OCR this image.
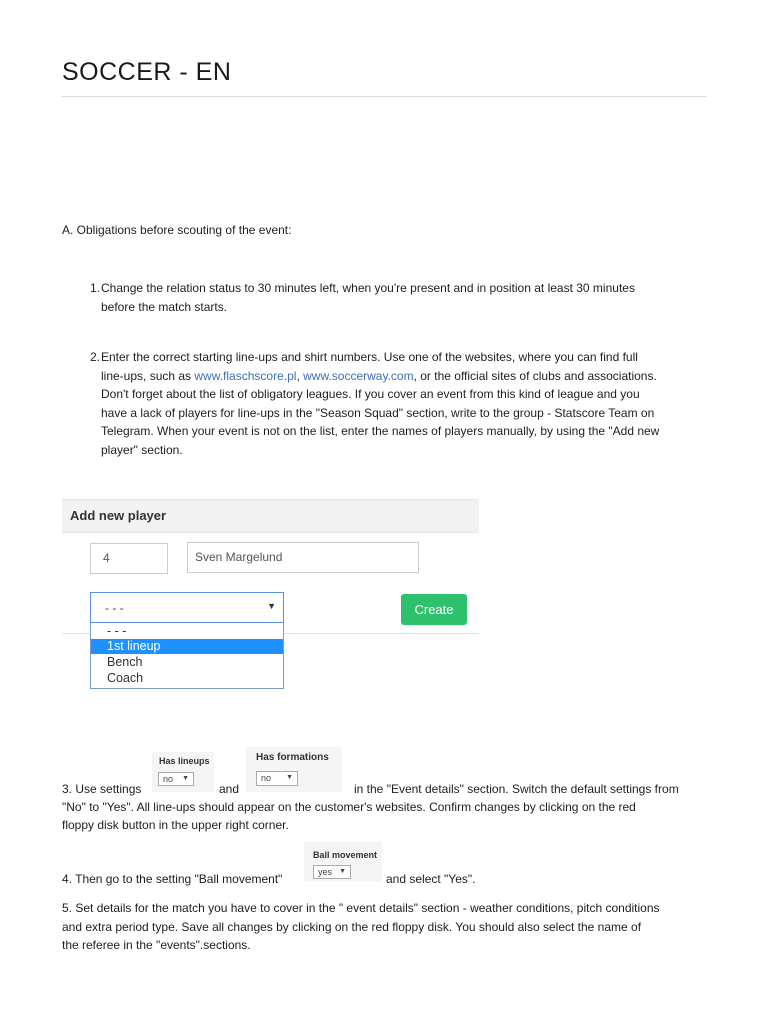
SOCCER - EN
A. Obligations before scouting of the event:
1. Change the relation status to 30 minutes left, when you're present and in position at least 30 minutes
before the match starts.
2. Enter the correct starting line-ups and shirt numbers. Use one of the websites, where you can find full
line-ups, such as www.flaschscore.pl, www.soccerway.com, or the official sites of clubs and associations.
Don't forget about the list of obligatory leagues. If you cover an event from this kind of league and you
have a lack of players for line-ups in the "Season Squad" section, write to the group - Statscore Team on
Telegram. When your event is not on the list, enter the names of players manually, by using the "Add new
player" section.
Add new player
4	Sven Margelund
- - -	▼	Create
- - -
1st lineup
Bench
Coach
Has lineups
no ▼
Has formations
no ▼
3. Use settings	and	in the "Event details" section. Switch the default settings from
"No" to "Yes". All line-ups should appear on the customer's websites. Confirm changes by clicking on the red
floppy disk button in the upper right corner.
Ball movement
yes ▼
4. Then go to the setting "Ball movement"	and select "Yes".
5. Set details for the match you have to cover in the " event details" section - weather conditions, pitch conditions
and extra period type. Save all changes by clicking on the red floppy disk. You should also select the name of
the referee in the "events".sections.
